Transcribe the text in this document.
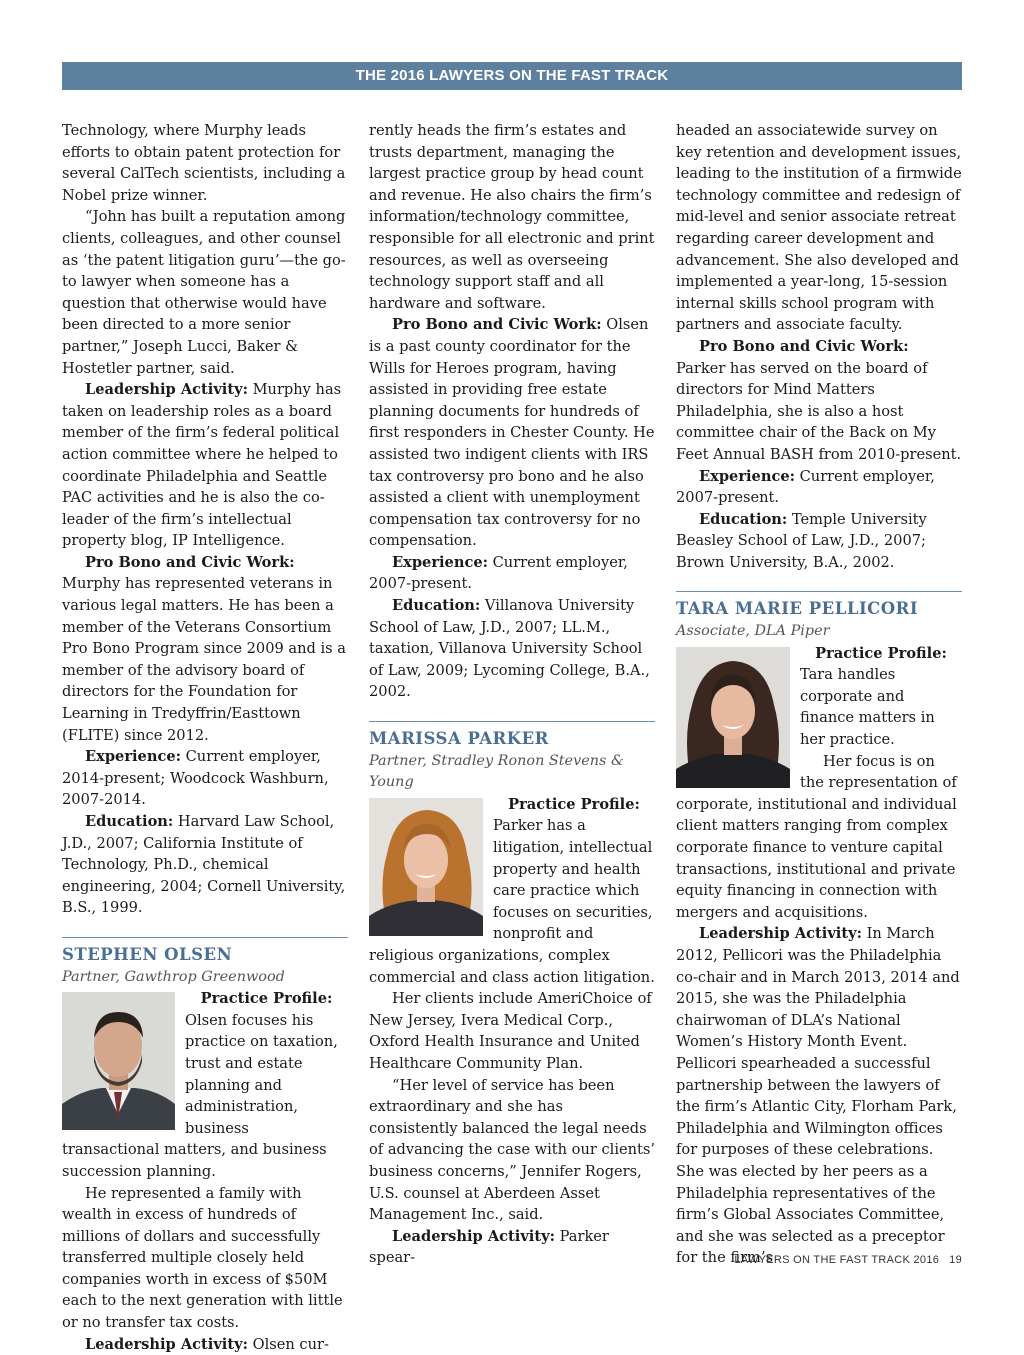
THE 2016 LAWYERS ON THE FAST TRACK

Technology, where Murphy leads efforts to obtain patent protection for several CalTech scientists, including a Nobel prize winner.

“John has built a reputation among clients, colleagues, and other counsel as ‘the patent litigation guru’—the go-to lawyer when someone has a question that otherwise would have been directed to a more senior partner,” Joseph Lucci, Baker & Hostetler partner, said.

Leadership Activity: Murphy has taken on leadership roles as a board member of the firm’s federal political action committee where he helped to coordinate Philadelphia and Seattle PAC activities and he is also the co-leader of the firm’s intellectual property blog, IP Intelligence.

Pro Bono and Civic Work: Murphy has represented veterans in various legal matters. He has been a member of the Veterans Consortium Pro Bono Program since 2009 and is a member of the advisory board of directors for the Foundation for Learning in Tredyffrin/Easttown (FLITE) since 2012.

Experience: Current employer, 2014-present; Woodcock Washburn, 2007-2014.

Education: Harvard Law School, J.D., 2007; California Institute of Technology, Ph.D., chemical engineering, 2004; Cornell University, B.S., 1999.

STEPHEN OLSEN
Partner, Gawthrop Greenwood

Practice Profile:
Olsen focuses his practice on taxation, trust and estate planning and administration, business transactional matters, and business succession planning.

He represented a family with wealth in excess of hundreds of millions of dollars and successfully transferred multiple closely held companies worth in excess of $50M each to the next generation with little or no transfer tax costs.

Leadership Activity: Olsen cur-

rently heads the firm’s estates and trusts department, managing the largest practice group by head count and revenue. He also chairs the firm’s information/technology committee, responsible for all electronic and print resources, as well as overseeing technology support staff and all hardware and software.

Pro Bono and Civic Work: Olsen is a past county coordinator for the Wills for Heroes program, having assisted in providing free estate planning documents for hundreds of first responders in Chester County. He assisted two indigent clients with IRS tax controversy pro bono and he also assisted a client with unemployment compensation tax controversy for no compensation.

Experience: Current employer, 2007-present.

Education: Villanova University School of Law, J.D., 2007; LL.M., taxation, Villanova University School of Law, 2009; Lycoming College, B.A., 2002.

MARISSA PARKER
Partner, Stradley Ronon Stevens & Young

Practice Profile:
Parker has a litigation, intellectual property and health care practice which focuses on securities, nonprofit and religious organizations, complex commercial and class action litigation.

Her clients include AmeriChoice of New Jersey, Ivera Medical Corp., Oxford Health Insurance and United Healthcare Community Plan.

“Her level of service has been extraordinary and she has consistently balanced the legal needs of advancing the case with our clients’ business concerns,” Jennifer Rogers, U.S. counsel at Aberdeen Asset Management Inc., said.

Leadership Activity: Parker spear-

headed an associatewide survey on key retention and development issues, leading to the institution of a firmwide technology committee and redesign of mid-level and senior associate retreat regarding career development and advancement. She also developed and implemented a year-long, 15-session internal skills school program with partners and associate faculty.

Pro Bono and Civic Work: Parker has served on the board of directors for Mind Matters Philadelphia, she is also a host committee chair of the Back on My Feet Annual BASH from 2010-present.

Experience: Current employer, 2007-present.

Education: Temple University Beasley School of Law, J.D., 2007; Brown University, B.A., 2002.

TARA MARIE PELLICORI
Associate, DLA Piper

Practice Profile:
Tara handles corporate and finance matters in her practice.

Her focus is on the representation of corporate, institutional and individual client matters ranging from complex corporate finance to venture capital transactions, institutional and private equity financing in connection with mergers and acquisitions.

Leadership Activity: In March 2012, Pellicori was the Philadelphia co-chair and in March 2013, 2014 and 2015, she was the Philadelphia chairwoman of DLA’s National Women’s History Month Event. Pellicori spearheaded a successful partnership between the lawyers of the firm’s Atlantic City, Florham Park, Philadelphia and Wilmington offices for purposes of these celebrations. She was elected by her peers as a Philadelphia representatives of the firm’s Global Associates Committee, and she was selected as a preceptor for the firm’s

LAWYERS ON THE FAST TRACK 2016 19
